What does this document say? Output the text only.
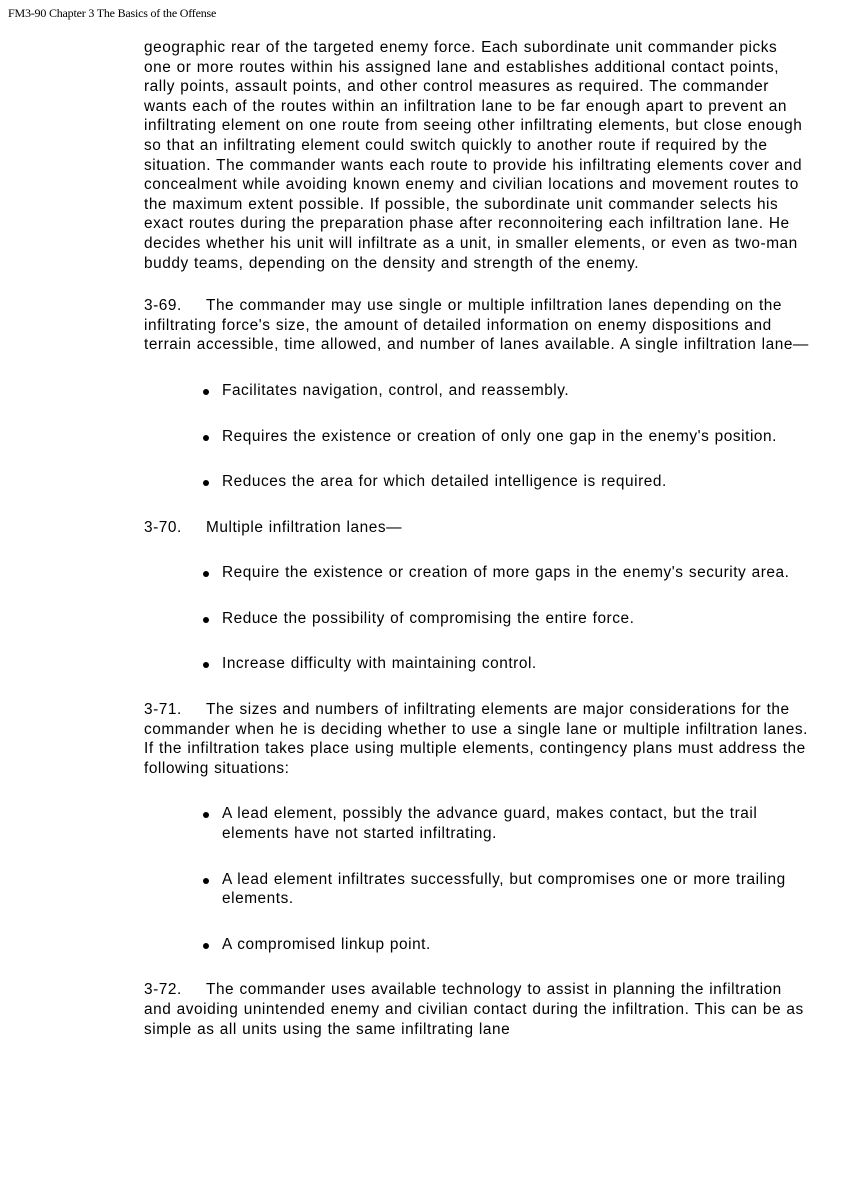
FM3-90 Chapter 3 The Basics of the Offense

geographic rear of the targeted enemy force. Each subordinate unit commander picks one or more routes within his assigned lane and establishes additional contact points, rally points, assault points, and other control measures as required. The commander wants each of the routes within an infiltration lane to be far enough apart to prevent an infiltrating element on one route from seeing other infiltrating elements, but close enough so that an infiltrating element could switch quickly to another route if required by the situation. The commander wants each route to provide his infiltrating elements cover and concealment while avoiding known enemy and civilian locations and movement routes to the maximum extent possible. If possible, the subordinate unit commander selects his exact routes during the preparation phase after reconnoitering each infiltration lane. He decides whether his unit will infiltrate as a unit, in smaller elements, or even as two-man buddy teams, depending on the density and strength of the enemy.

3-69. The commander may use single or multiple infiltration lanes depending on the infiltrating force's size, the amount of detailed information on enemy dispositions and terrain accessible, time allowed, and number of lanes available. A single infiltration lane—

Facilitates navigation, control, and reassembly.
Requires the existence or creation of only one gap in the enemy's position.
Reduces the area for which detailed intelligence is required.

3-70. Multiple infiltration lanes—

Require the existence or creation of more gaps in the enemy's security area.
Reduce the possibility of compromising the entire force.
Increase difficulty with maintaining control.

3-71. The sizes and numbers of infiltrating elements are major considerations for the commander when he is deciding whether to use a single lane or multiple infiltration lanes. If the infiltration takes place using multiple elements, contingency plans must address the following situations:

A lead element, possibly the advance guard, makes contact, but the trail elements have not started infiltrating.
A lead element infiltrates successfully, but compromises one or more trailing elements.
A compromised linkup point.

3-72. The commander uses available technology to assist in planning the infiltration and avoiding unintended enemy and civilian contact during the infiltration. This can be as simple as all units using the same infiltrating lane
